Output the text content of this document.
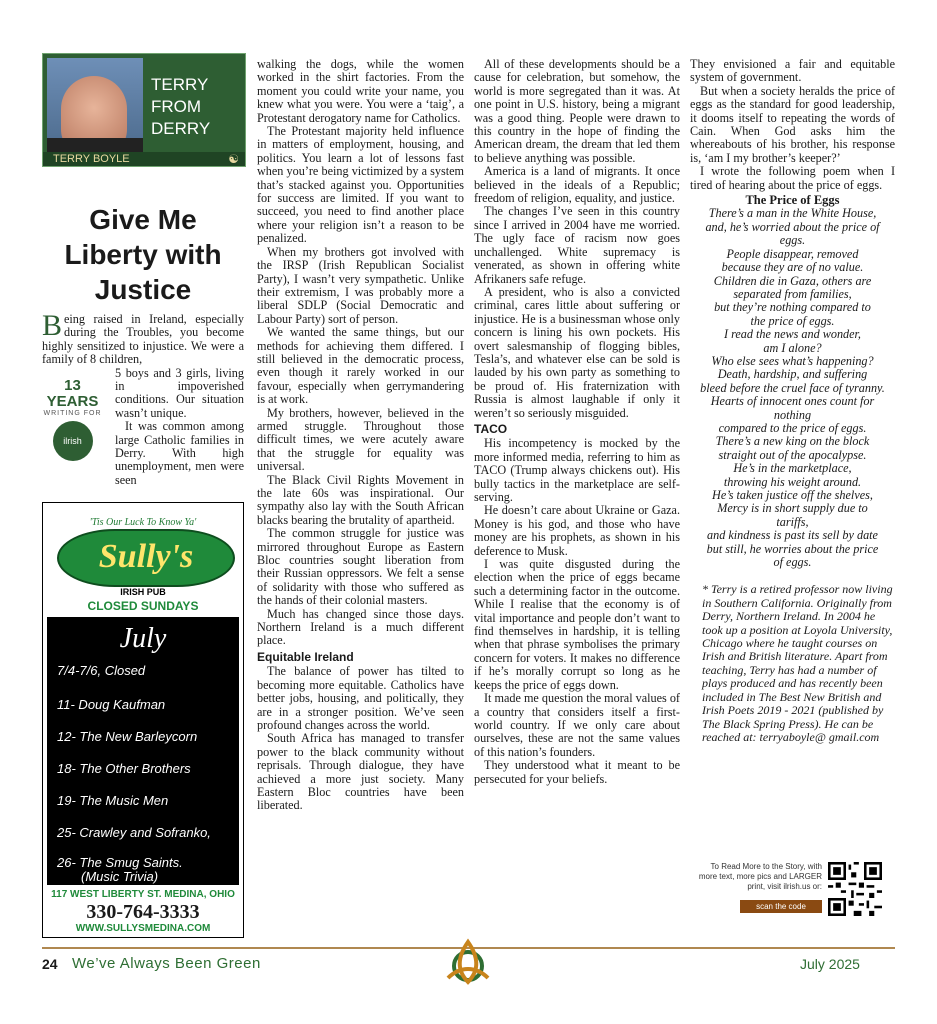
TERRY FROM
DERRY
TERRY BOYLE	☯
Give Me
Liberty with
Justice

Being raised in Ireland, especially during the Troubles, you become highly sensitized to injustice. We were a family of 8 children,

5 boys and 3 girls, living in impoverished conditions. Our situation wasn’t unique.

It was common among large Catholic families in Derry. With high unemployment, men were seen

13 YEARS
WRITING FOR
ilrish
'Tis Our Luck To Know Ya'
Sully's
IRISH PUB
CLOSED SUNDAYS
July
7/4-7/6, Closed
11- Doug Kaufman
12- The New Barleycorn
18- The Other Brothers
19- The Music Men
25- Crawley and Sofranko,
26- The Smug Saints.
(Music Trivia)
117 WEST LIBERTY ST. MEDINA, OHIO
330-764-3333
WWW.SULLYSMEDINA.COM

walking the dogs, while the women worked in the shirt factories. From the moment you could write your name, you knew what you were. You were a ‘taig’, a Protestant derogatory name for Catholics.

The Protestant majority held influence in matters of employment, housing, and politics. You learn a lot of lessons fast when you’re being victimized by a system that’s stacked against you. Opportunities for success are limited. If you want to succeed, you need to find another place where your religion isn’t a reason to be penalized.

When my brothers got involved with the IRSP (Irish Republican Socialist Party), I wasn’t very sympathetic. Unlike their extremism, I was probably more a liberal SDLP (Social Democratic and Labour Party) sort of person.

We wanted the same things, but our methods for achieving them differed. I still believed in the democratic process, even though it rarely worked in our favour, especially when gerrymandering is at work.

My brothers, however, believed in the armed struggle. Throughout those difficult times, we were acutely aware that the struggle for equality was universal.

The Black Civil Rights Movement in the late 60s was inspirational. Our sympathy also lay with the South African blacks bearing the brutality of apartheid.

The common struggle for justice was mirrored throughout Europe as Eastern Bloc countries sought liberation from their Russian oppressors. We felt a sense of solidarity with those who suffered as the hands of their colonial masters.

Much has changed since those days. Northern Ireland is a much different place.

Equitable Ireland

The balance of power has tilted to becoming more equitable. Catholics have better jobs, housing, and politically, they are in a stronger position. We’ve seen profound changes across the world.

South Africa has managed to transfer power to the black community without reprisals. Through dialogue, they have achieved a more just society. Many Eastern Bloc countries have been liberated.

All of these developments should be a cause for celebration, but somehow, the world is more segregated than it was. At one point in U.S. history, being a migrant was a good thing. People were drawn to this country in the hope of finding the American dream, the dream that led them to believe anything was possible.

America is a land of migrants. It once believed in the ideals of a Republic; freedom of religion, equality, and justice.

The changes I’ve seen in this country since I arrived in 2004 have me worried. The ugly face of racism now goes unchallenged. White supremacy is venerated, as shown in offering white Afrikaners safe refuge.

A president, who is also a convicted criminal, cares little about suffering or injustice. He is a businessman whose only concern is lining his own pockets. His overt salesmanship of flogging bibles, Tesla’s, and whatever else can be sold is lauded by his own party as something to be proud of. His fraternization with Russia is almost laughable if only it weren’t so seriously misguided.

TACO

His incompetency is mocked by the more informed media, referring to him as TACO (Trump always chickens out). His bully tactics in the marketplace are self-serving.

He doesn’t care about Ukraine or Gaza. Money is his god, and those who have money are his prophets, as shown in his deference to Musk.

I was quite disgusted during the election when the price of eggs became such a determining factor in the outcome. While I realise that the economy is of vital importance and people don’t want to find themselves in hardship, it is telling when that phrase symbolises the primary concern for voters. It makes no difference if he’s morally corrupt so long as he keeps the price of eggs down.

It made me question the moral values of a country that considers itself a first-world country. If we only care about ourselves, these are not the same values of this nation’s founders.

They understood what it meant to be persecuted for your beliefs.

They envisioned a fair and equitable system of government.

But when a society heralds the price of eggs as the standard for good leadership, it dooms itself to repeating the words of Cain. When God asks him the whereabouts of his brother, his response is, ‘am I my brother’s keeper?’

I wrote the following poem when I tired of hearing about the price of eggs.

The Price of Eggs
There’s a man in the White House,
and, he’s worried about the price of
eggs.
People disappear, removed
because they are of no value.
Children die in Gaza, others are
separated from families,
but they’re nothing compared to
the price of eggs.
I read the news and wonder,
am I alone?
Who else sees what’s happening?
Death, hardship, and suffering
bleed before the cruel face of tyranny.
Hearts of innocent ones count for
nothing
compared to the price of eggs.
There’s a new king on the block
straight out of the apocalypse.
He’s in the marketplace,
throwing his weight around.
He’s taken justice off the shelves,
Mercy is in short supply due to
tariffs,
and kindness is past its sell by date
but still, he worries about the price
of eggs.
* Terry is a retired professor now living in Southern California. Originally from Derry, Northern Ireland. In 2004 he took up a position at Loyola University, Chicago where he taught courses on Irish and British literature. Apart from teaching, Terry has had a number of plays produced and has recently been included in The Best New British and Irish Poets 2019 - 2021 (published by The Black Spring Press). He can be reached at: terryaboyle@ gmail.com
To Read More to the Story, with more text, more pics and LARGER print, visit ilrish.us or:
scan the code
24 We’ve Always Been Green	July 2025
